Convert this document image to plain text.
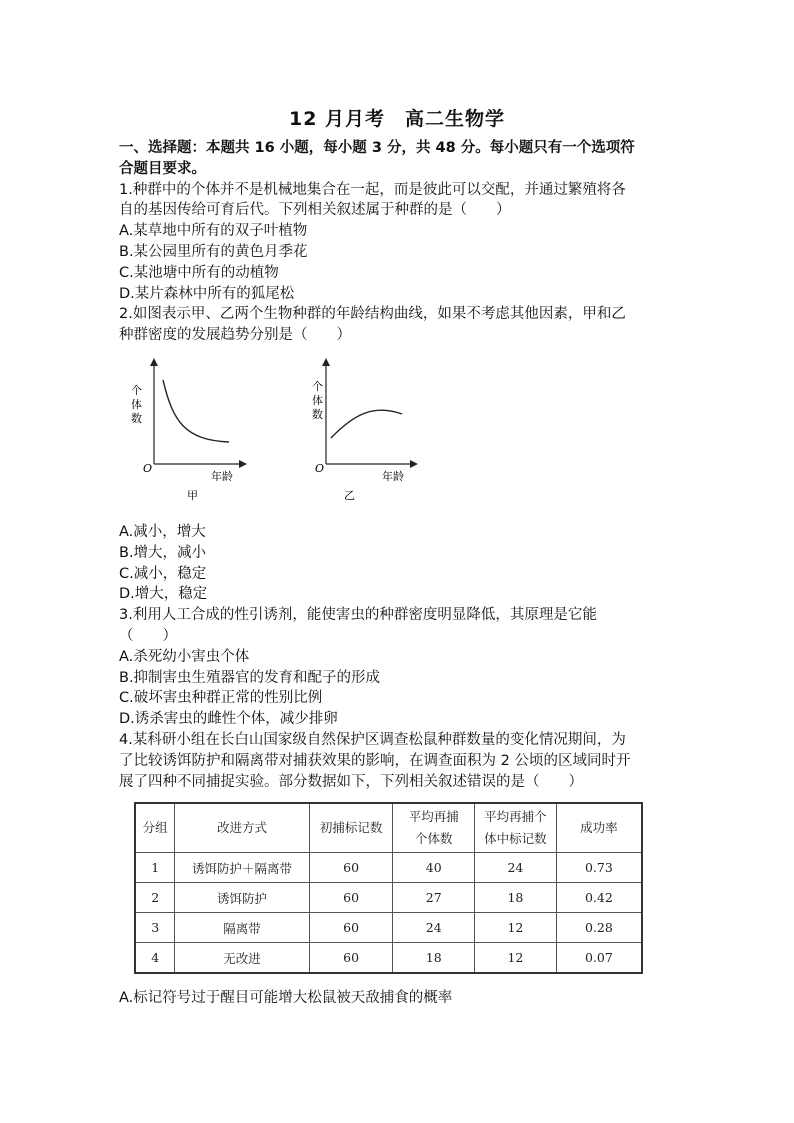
12 月月考　高二生物学
一、选择题：本题共 16 小题，每小题 3 分，共 48 分。每小题只有一个选项符
合题目要求。
1.种群中的个体并不是机械地集合在一起，而是彼此可以交配，并通过繁殖将各
自的基因传给可育后代。下列相关叙述属于种群的是（　　）
A.某草地中所有的双子叶植物
B.某公园里所有的黄色月季花
C.某池塘中所有的动植物
D.某片森林中所有的狐尾松
2.如图表示甲、乙两个生物种群的年龄结构曲线，如果不考虑其他因素，甲和乙
种群密度的发展趋势分别是（　　）
个
体
数
O
年龄
甲
个
体
数
O
年龄
乙
A.减小，增大
B.增大，减小
C.减小，稳定
D.增大，稳定
3.利用人工合成的性引诱剂，能使害虫的种群密度明显降低，其原理是它能
（　　）
A.杀死幼小害虫个体
B.抑制害虫生殖器官的发育和配子的形成
C.破坏害虫种群正常的性别比例
D.诱杀害虫的雌性个体，减少排卵
4.某科研小组在长白山国家级自然保护区调查松鼠种群数量的变化情况期间，为
了比较诱饵防护和隔离带对捕获效果的影响，在调查面积为 2 公顷的区域同时开
展了四种不同捕捉实验。部分数据如下，下列相关叙述错误的是（　　）
分组	改进方式	初捕标记数	平均再捕
个体数	平均再捕个
体中标记数	成功率
1	诱饵防护＋隔离带	60	40	24	0.73
2	诱饵防护	60	27	18	0.42
3	隔离带	60	24	12	0.28
4	无改进	60	18	12	0.07
A.标记符号过于醒目可能增大松鼠被天敌捕食的概率
